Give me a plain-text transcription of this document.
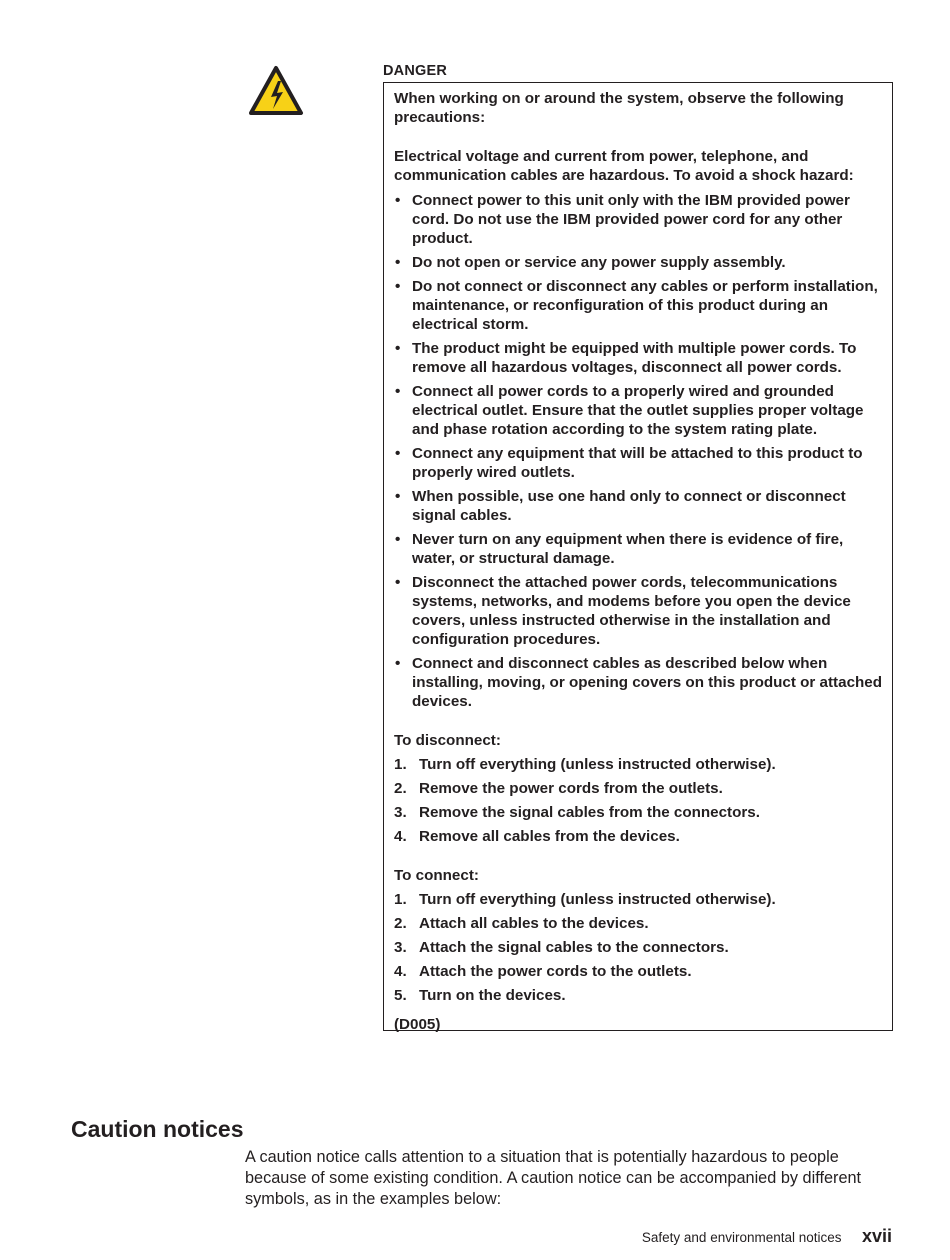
DANGER

When working on or around the system, observe the following precautions:

Electrical voltage and current from power, telephone, and communication cables are hazardous. To avoid a shock hazard:

• Connect power to this unit only with the IBM provided power cord. Do not use the IBM provided power cord for any other product.
• Do not open or service any power supply assembly.
• Do not connect or disconnect any cables or perform installation, maintenance, or reconfiguration of this product during an electrical storm.
• The product might be equipped with multiple power cords. To remove all hazardous voltages, disconnect all power cords.
• Connect all power cords to a properly wired and grounded electrical outlet. Ensure that the outlet supplies proper voltage and phase rotation according to the system rating plate.
• Connect any equipment that will be attached to this product to properly wired outlets.
• When possible, use one hand only to connect or disconnect signal cables.
• Never turn on any equipment when there is evidence of fire, water, or structural damage.
• Disconnect the attached power cords, telecommunications systems, networks, and modems before you open the device covers, unless instructed otherwise in the installation and configuration procedures.
• Connect and disconnect cables as described below when installing, moving, or opening covers on this product or attached devices.

To disconnect:

1. Turn off everything (unless instructed otherwise).
2. Remove the power cords from the outlets.
3. Remove the signal cables from the connectors.
4. Remove all cables from the devices.

To connect:

1. Turn off everything (unless instructed otherwise).
2. Attach all cables to the devices.
3. Attach the signal cables to the connectors.
4. Attach the power cords to the outlets.
5. Turn on the devices.

(D005)

Caution notices

A caution notice calls attention to a situation that is potentially hazardous to people because of some existing condition. A caution notice can be accompanied by different symbols, as in the examples below:

Safety and environmental notices xvii
